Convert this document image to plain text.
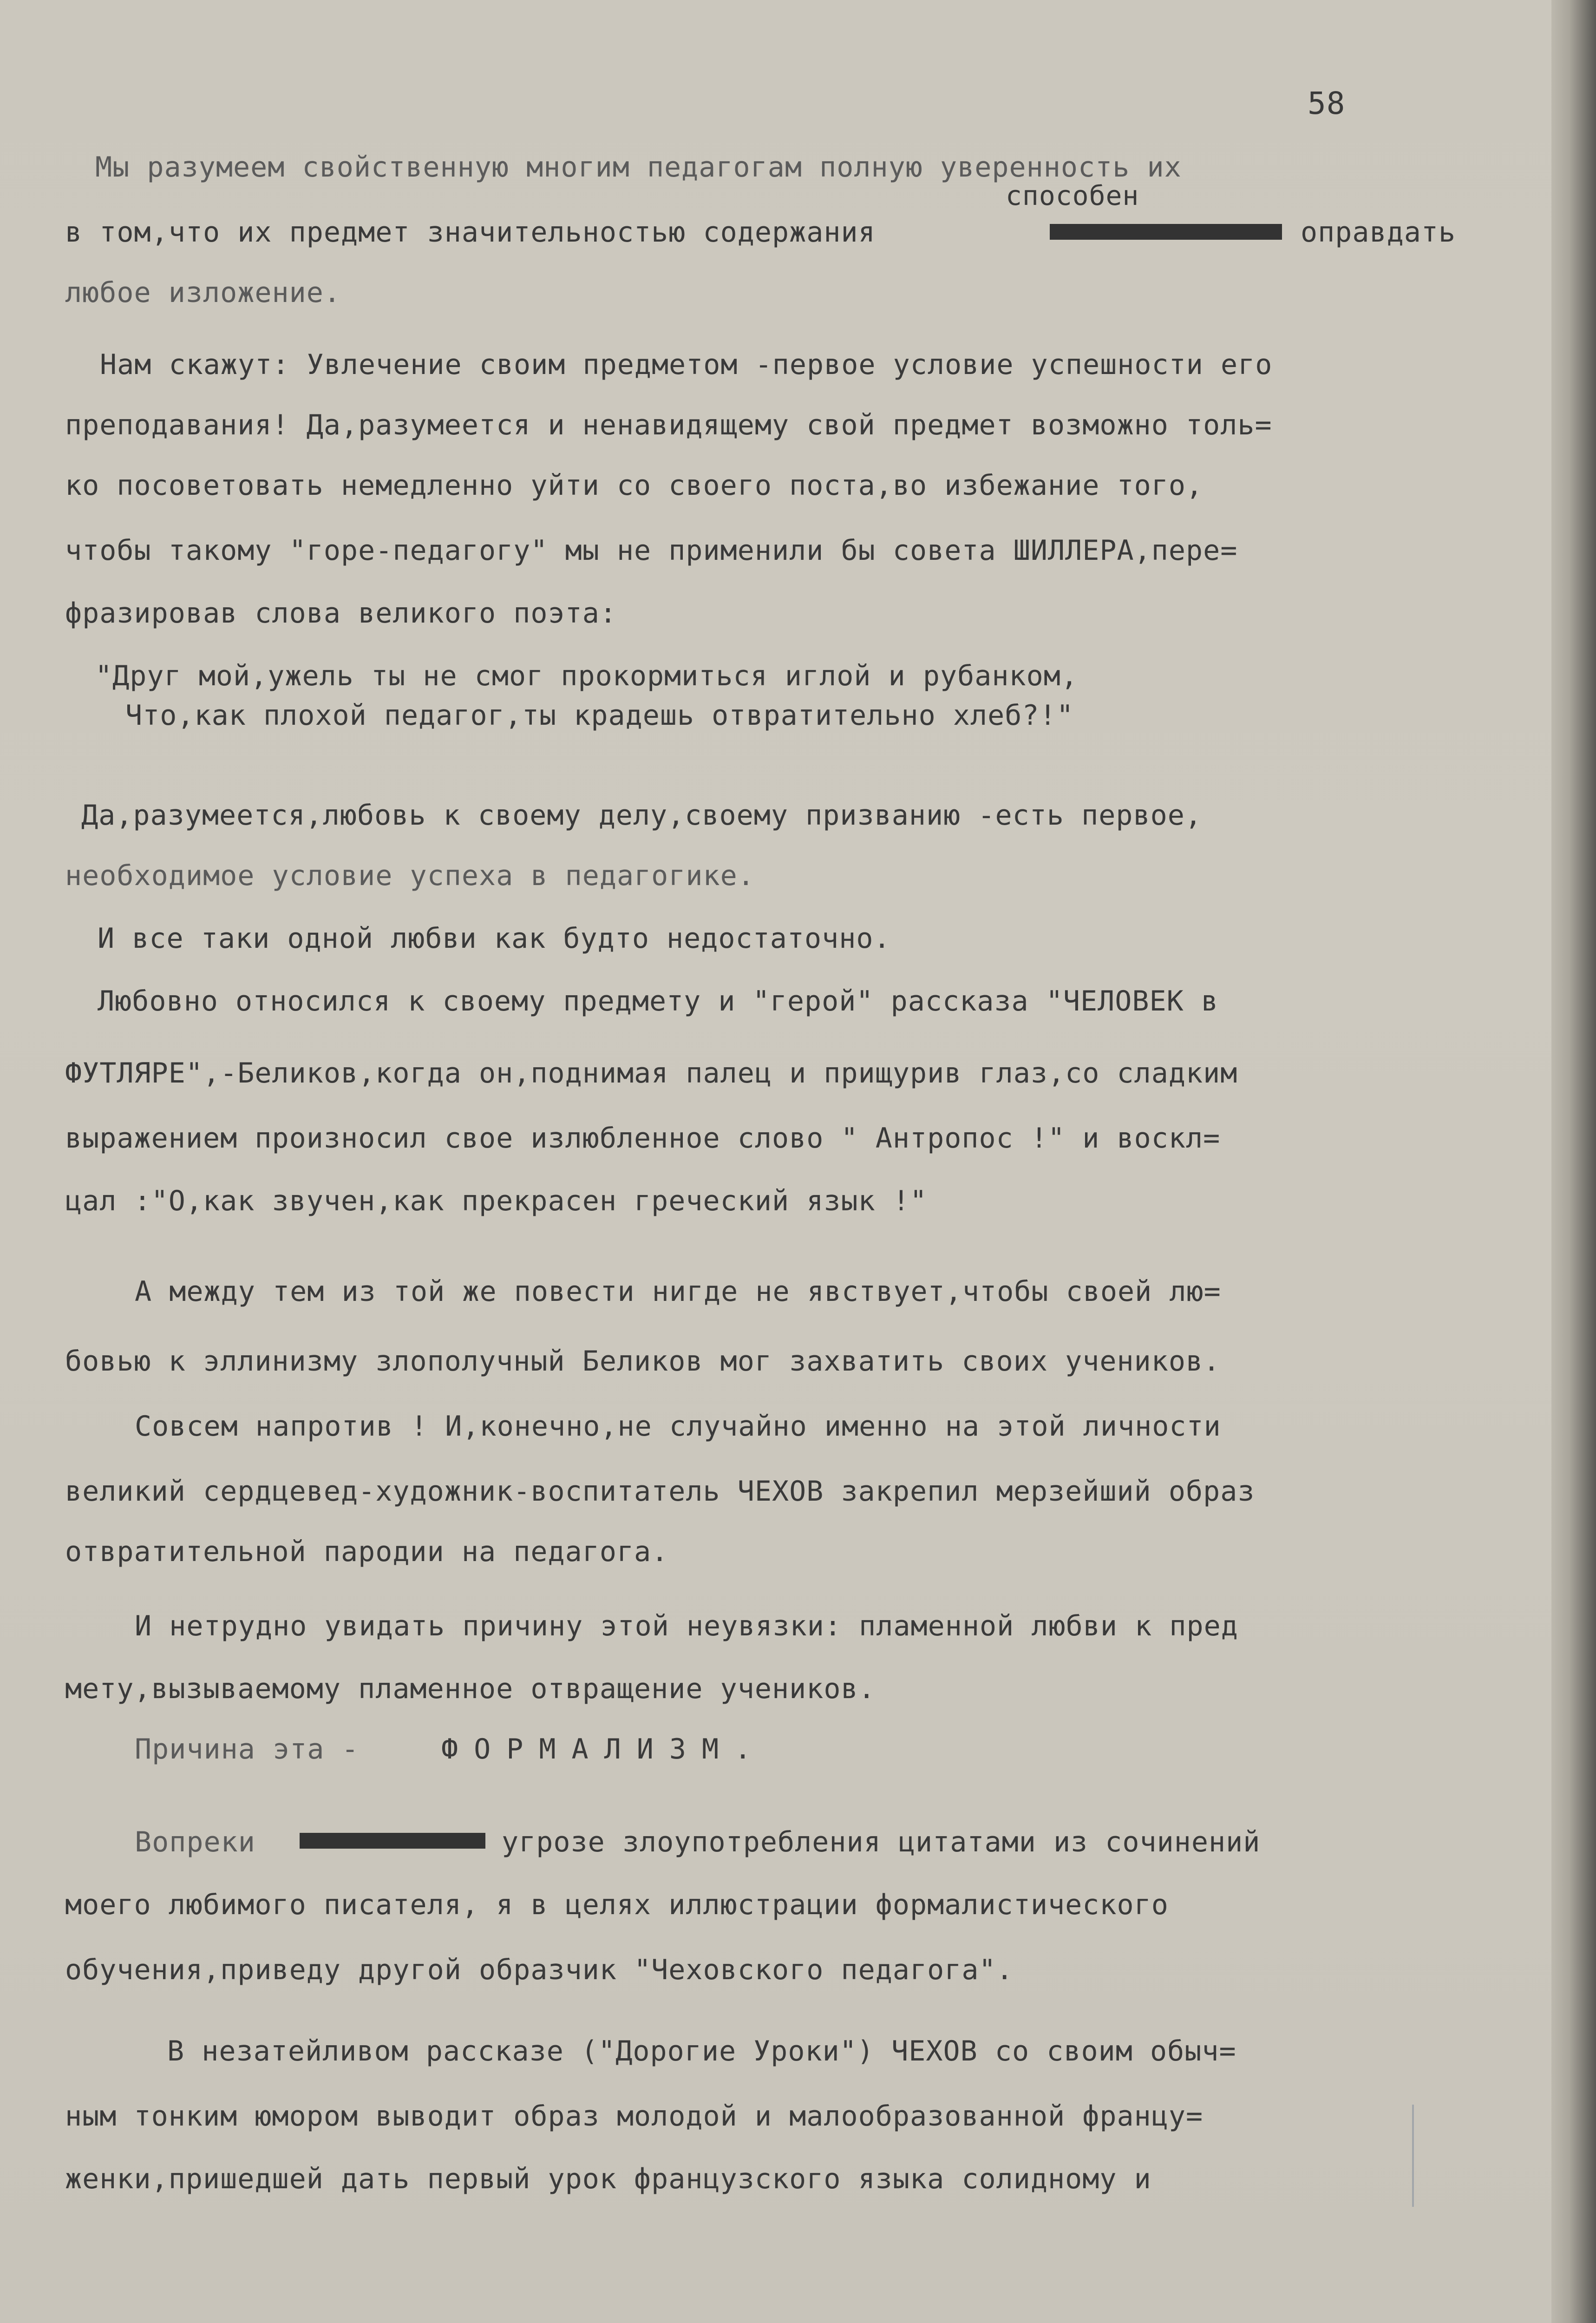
58
Мы разумеем свойственную многим педагогам полную уверенность их
способен
в том,что их предмет значительностью содержания	оправдать
любое изложение.
Нам скажут: Увлечение своим предметом -первое условие успешности его
преподавания! Да,разумеется и ненавидящему свой предмет возможно толь=
ко посоветовать немедленно уйти со своего поста,во избежание того,
чтобы такому "горе-педагогу" мы не применили бы совета ШИЛЛЕРА,пере=
фразировав слова великого поэта:
"Друг мой,ужель ты не смог прокормиться иглой и рубанком,
Что,как плохой педагог,ты крадешь отвратительно хлеб?!"
Да,разумеется,любовь к своему делу,своему призванию -есть первое,
необходимое условие успеха в педагогике.
И все таки одной любви как будто недостаточно.
Любовно относился к своему предмету и "герой" рассказа "ЧЕЛОВЕК в
ФУТЛЯРЕ",-Беликов,когда он,поднимая палец и прищурив глаз,со сладким
выражением произносил свое излюбленное слово " Антропос !" и воскл=
цал :"О,как звучен,как прекрасен греческий язык !"
А между тем из той же повести нигде не явствует,чтобы своей лю=
бовью к эллинизму злополучный Беликов мог захватить своих учеников.
Совсем напротив ! И,конечно,не случайно именно на этой личности
великий сердцевед-художник-воспитатель ЧЕХОВ закрепил мерзейший образ
отвратительной пародии на педагога.
И нетрудно увидать причину этой неувязки: пламенной любви к пред
мету,вызываемому пламенное отвращение учеников.
Причина эта -	ФОРМАЛИЗМ.
Вопреки	угрозе злоупотребления цитатами из сочинений
моего любимого писателя, я в целях иллюстрации формалистического
обучения,приведу другой образчик "Чеховского педагога".
В незатейливом рассказе ("Дорогие Уроки") ЧЕХОВ со своим обыч=
ным тонким юмором выводит образ молодой и малообразованной францу=
женки,пришедшей дать первый урок французского языка солидному и
